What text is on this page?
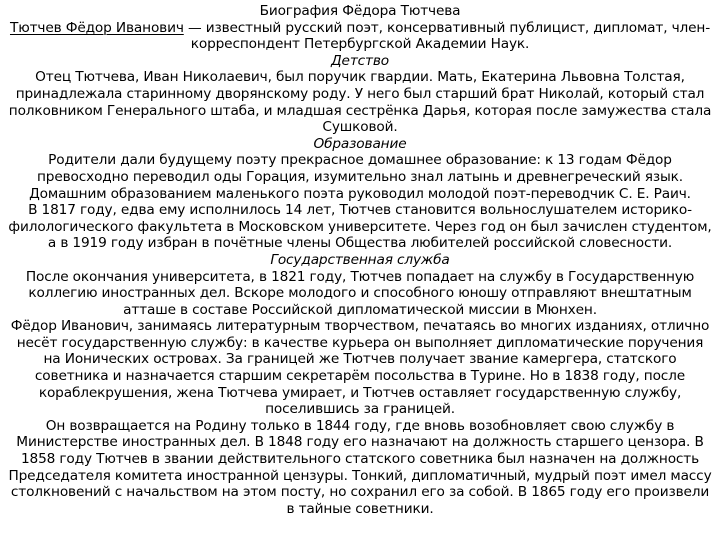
Биография Фёдора Тютчева

Тютчев Фёдор Иванович — известный русский поэт, консервативный публицист, дипломат, член-корреспондент Петербургской Академии Наук.

Детство

Отец Тютчева, Иван Николаевич, был поручик гвардии. Мать, Екатерина Львовна Толстая, принадлежала старинному дворянскому роду. У него был старший брат Николай, который стал полковником Генерального штаба, и младшая сестрёнка Дарья, которая после замужества стала Сушковой.

Образование

Родители дали будущему поэту прекрасное домашнее образование: к 13 годам Фёдор превосходно переводил оды Горация, изумительно знал латынь и древнегреческий язык. Домашним образованием маленького поэта руководил молодой поэт-переводчик С. Е. Раич.

В 1817 году, едва ему исполнилось 14 лет, Тютчев становится вольнослушателем историко-филологического факультета в Московском университете. Через год он был зачислен студентом, а в 1919 году избран в почётные члены Общества любителей российской словесности.

Государственная служба

После окончания университета, в 1821 году, Тютчев попадает на службу в Государственную коллегию иностранных дел. Вскоре молодого и способного юношу отправляют внештатным атташе в составе Российской дипломатической миссии в Мюнхен.

Фёдор Иванович, занимаясь литературным творчеством, печатаясь во многих изданиях, отлично несёт государственную службу: в качестве курьера он выполняет дипломатические поручения на Ионических островах. За границей же Тютчев получает звание камергера, статского советника и назначается старшим секретарём посольства в Турине. Но в 1838 году, после кораблекрушения, жена Тютчева умирает, и Тютчев оставляет государственную службу, поселившись за границей.

Он возвращается на Родину только в 1844 году, где вновь возобновляет свою службу в Министерстве иностранных дел. В 1848 году его назначают на должность старшего цензора. В 1858 году Тютчев в звании действительного статского советника был назначен на должность Председателя комитета иностранной цензуры. Тонкий, дипломатичный, мудрый поэт имел массу столкновений с начальством на этом посту, но сохранил его за собой. В 1865 году его произвели в тайные советники.
